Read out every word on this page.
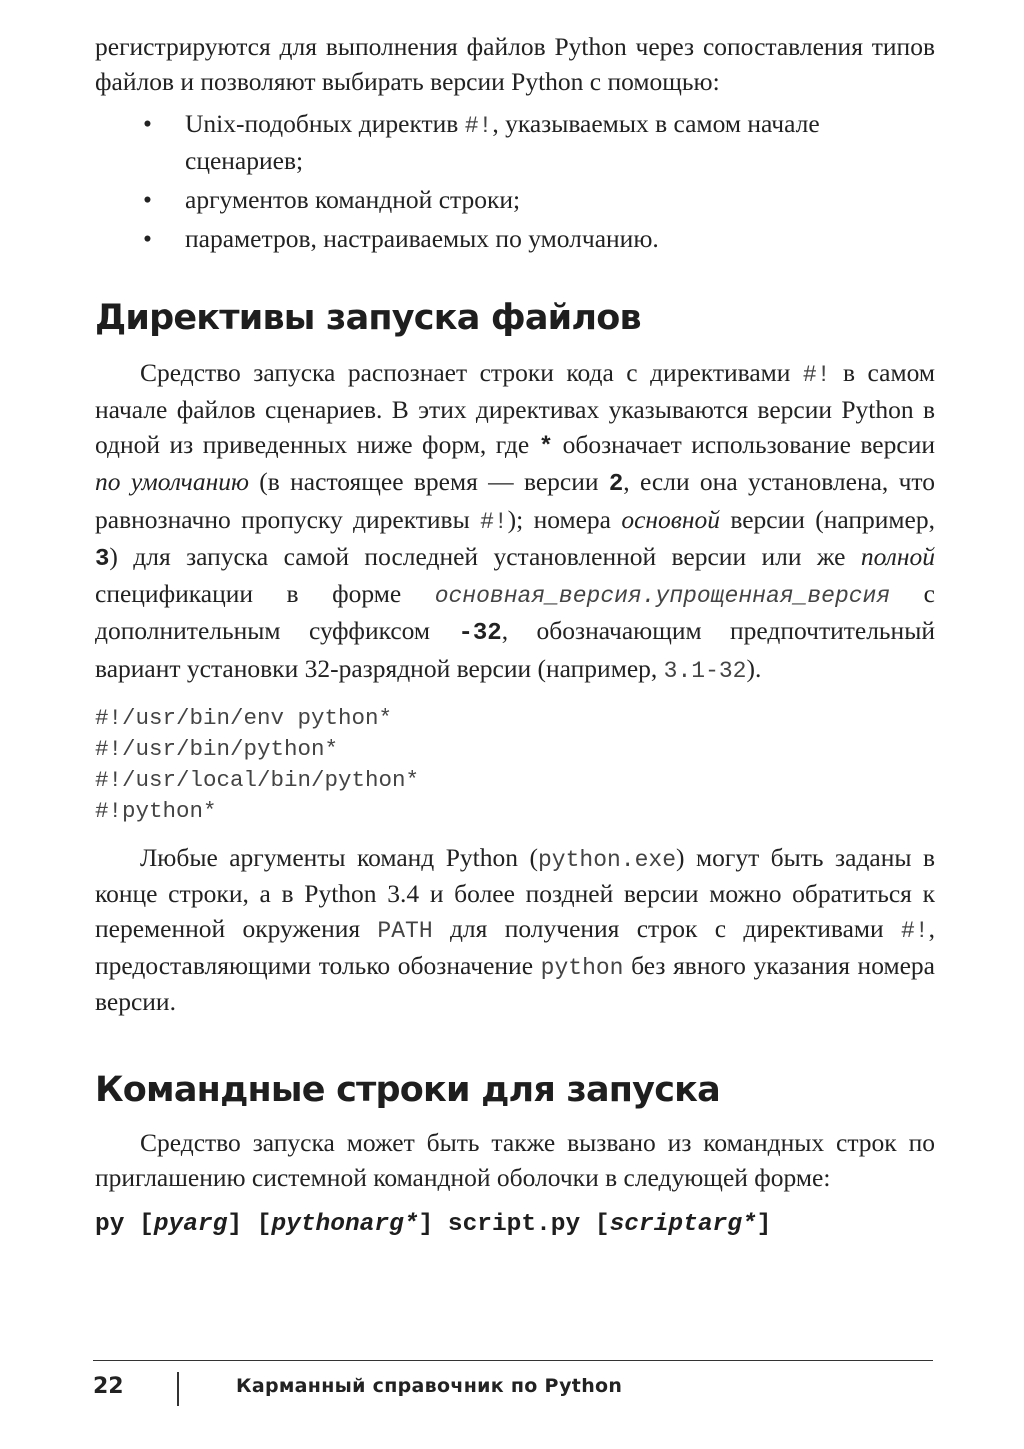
регистрируются для выполнения файлов Python через сопоставления типов файлов и позволяют выбирать версии Python с помощью:

• Unix-подобных директив #!, указываемых в самом начале сценариев;
• аргументов командной строки;
• параметров, настраиваемых по умолчанию.
Директивы запуска файлов

Средство запуска распознает строки кода с директивами #! в самом начале файлов сценариев. В этих директивах указываются версии Python в одной из приведенных ниже форм, где * обозначает использование версии по умолчанию (в настоящее время — версии 2, если она установлена, что равнозначно пропуску директивы #!); номера основной версии (например, 3) для запуска самой последней установленной версии или же полной спецификации в форме основная_версия.упрощенная_версия с дополнительным суффиксом -32, обозначающим предпочтительный вариант установки 32-разрядной версии (например, 3.1-32).

#!/usr/bin/env python*
#!/usr/bin/python*
#!/usr/local/bin/python*
#!python*

Любые аргументы команд Python (python.exe) могут быть заданы в конце строки, а в Python 3.4 и более поздней версии можно обратиться к переменной окружения PATH для получения строк с директивами #!, предоставляющими только обозначение python без явного указания номера версии.

Командные строки для запуска

Средство запуска может быть также вызвано из командных строк по приглашению системной командной оболочки в следующей форме:

py [pyarg] [pythonarg*] script.py [scriptarg*]

22	Карманный справочник по Python
